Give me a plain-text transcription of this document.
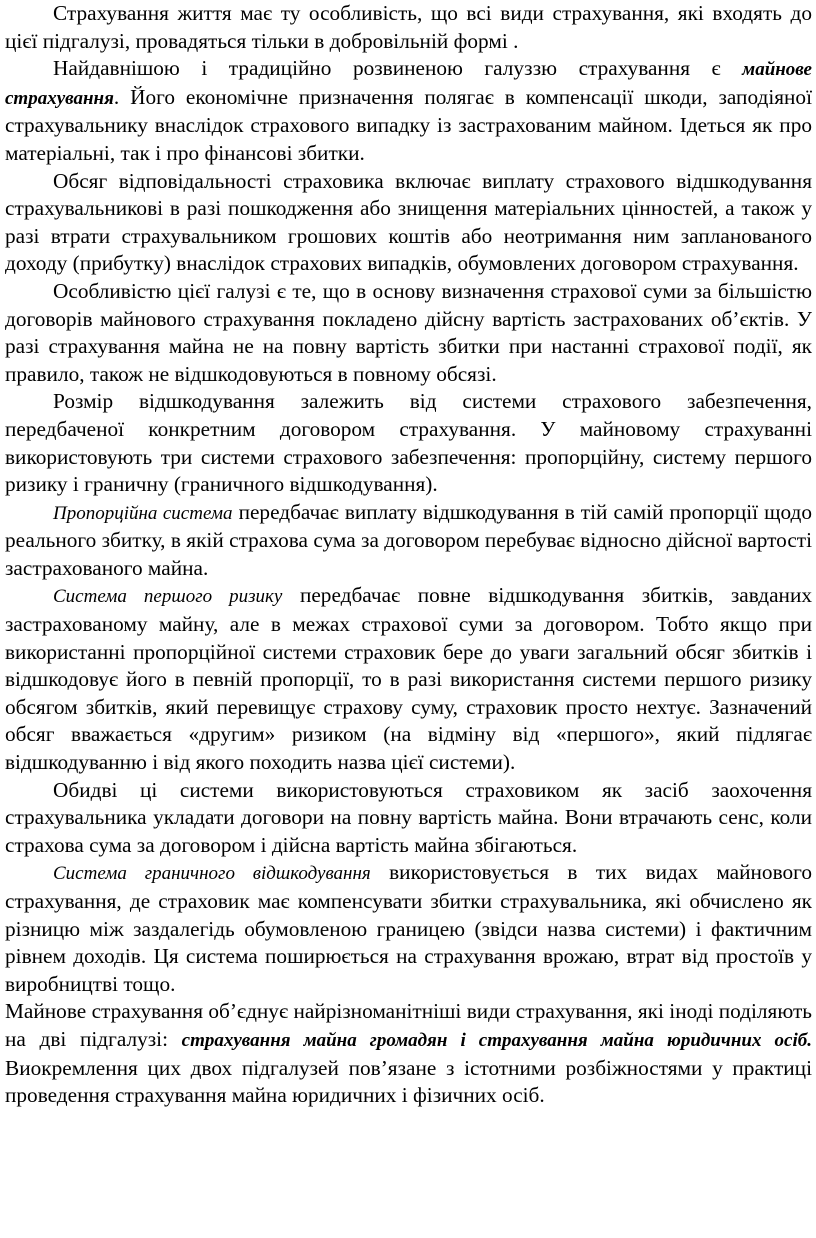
Страхування життя має ту особливість, що всі види страхування, які входять до цієї підгалузі, провадяться тільки в добровільній формі .

Найдавнішою і традиційно розвиненою галуззю страхування є майнове страхування. Його економічне призначення полягає в компенсації шкоди, заподіяної страхувальнику внаслідок страхового випадку із застрахованим майном. Ідеться як про матеріальні, так і про фінансові збитки.

Обсяг відповідальності страховика включає виплату страхового відшкодування страхувальникові в разі пошкодження або знищення матеріальних цінностей, а також у разі втрати страхувальником грошових коштів або неотримання ним запланованого доходу (прибутку) внаслідок страхових випадків, обумовлених договором страхування.

Особливістю цієї галузі є те, що в основу визначення страхової суми за більшістю договорів майнового страхування покладено дійсну вартість застрахованих об’єктів. У разі страхування майна не на повну вартість збитки при настанні страхової події, як правило, також не відшкодовуються в повному обсязі.

Розмір відшкодування залежить від системи страхового забезпечення, передбаченої конкретним договором страхування. У майновому страхуванні використовують три системи страхового забезпечення: пропорційну, систему першого ризику і граничну (граничного відшкодування).

Пропорційна система передбачає виплату відшкодування в тій самій пропорції щодо реального збитку, в якій страхова сума за договором перебуває відносно дійсної вартості застрахованого майна.

Система першого ризику передбачає повне відшкодування збитків, завданих застрахованому майну, але в межах страхової суми за договором. Тобто якщо при використанні пропорційної системи страховик бере до уваги загальний обсяг збитків і відшкодовує його в певній пропорції, то в разі використання системи першого ризику обсягом збитків, який перевищує страхову суму, страховик просто нехтує. Зазначений обсяг вважається «другим» ризиком (на відміну від «першого», який підлягає відшкодуванню і від якого походить назва цієї системи).

Обидві ці системи використовуються страховиком як засіб заохочення страхувальника укладати договори на повну вартість майна. Вони втрачають сенс, коли страхова сума за договором і дійсна вартість майна збігаються.

Система граничного відшкодування використовується в тих видах майнового страхування, де страховик має компенсувати збитки страхувальника, які обчислено як різницю між заздалегідь обумовленою границею (звідси назва системи) і фактичним рівнем доходів. Ця система поширюється на страхування врожаю, втрат від простоїв у виробництві тощо.

Майнове страхування об’єднує найрізноманітніші види страхування, які іноді поділяють на дві підгалузі: страхування майна громадян і страхування майна юридичних осіб. Виокремлення цих двох підгалузей пов’язане з істотними розбіжностями у практиці проведення страхування майна юридичних і фізичних осіб.
